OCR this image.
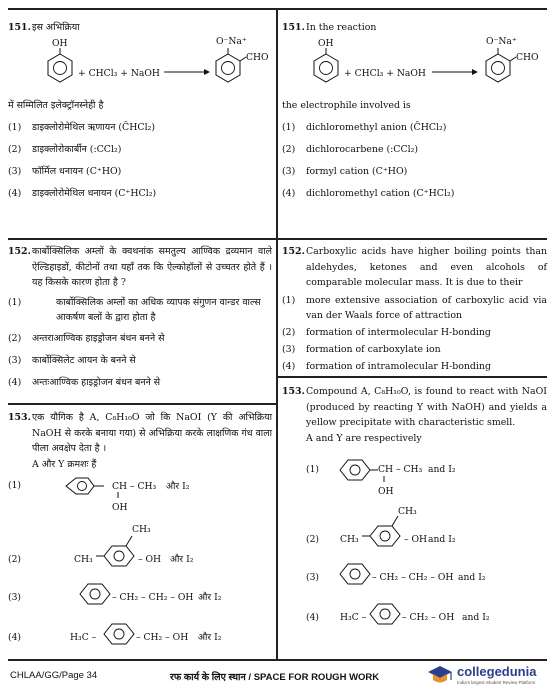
151. इस अभिक्रिया
OH
+ CHCl₃ + NaOH
O⁻Na⁺
CHO
में सम्मिलित इलेक्ट्रॉनस्नेही है
(1) डाइक्लोरोमेथिल ऋणायन (C̄HCl₂)
(2) डाइक्लोरोकार्बीन (:CCl₂)
(3) फॉर्मिल धनायन (C⁺HO)
(4) डाइक्लोरोमेथिल धनायन (C⁺HCl₂)
152. कार्बोक्सिलिक अम्लों के क्वथनांक समतुल्य आण्विक द्रव्यमान वाले ऐल्डिहाइडों, कीटोनों तथा यहाँ तक कि ऐल्कोहॉलों से उच्चतर होते हैं । यह किसके कारण होता है ?
(1)	कार्बोक्सिलिक अम्लों का अधिक व्यापक संगुणन वान्डर वाल्स आकर्षण बलों के द्वारा होता है
(2) अन्तराआण्विक हाइड्रोजन बंधन बनने से
(3) कार्बोक्सिलेट आयन के बनने से
(4) अन्तःआण्विक हाइड्रोजन बंधन बनने से
153. एक यौगिक है A, C₈H₁₀O जो कि NaOI (Y की अभिक्रिया NaOH से करके बनाया गया) से अभिक्रिया करके लाक्षणिक गंध वाला पीला अवक्षेप देता है ।
A और Y क्रमशः हैं
(1)	CH – CH₃ और I₂
OH
(2)
CH₃
CH₃	– OH और I₂
(3)	– CH₂ – CH₂ – OH और I₂
(4)	H₃C –	– CH₂ – OH और I₂
151. In the reaction
OH
+ CHCl₃ + NaOH
O⁻Na⁺
CHO
the electrophile involved is
(1) dichloromethyl anion (C̄HCl₂)
(2) dichlorocarbene (:CCl₂)
(3) formyl cation (C⁺HO)
(4) dichloromethyl cation (C⁺HCl₂)
152. Carboxylic acids have higher boiling points than aldehydes, ketones and even alcohols of comparable molecular mass. It is due to their
(1) more extensive association of carboxylic acid via van der Waals force of attraction
(2) formation of intermolecular H-bonding
(3) formation of carboxylate ion
(4) formation of intramolecular H-bonding
153. Compound A, C₈H₁₀O, is found to react with NaOI (produced by reacting Y with NaOH) and yields a yellow precipitate with characteristic smell.
A and Y are respectively
(1)	CH – CH₃ and I₂
OH
(2)
CH₃
CH₃	– OH and I₂
(3)	– CH₂ – CH₂ – OH and I₂
(4) H₃C –	– CH₂ – OH and I₂
CHLAA/GG/Page 34	रफ कार्य के लिए स्थान / SPACE FOR ROUGH WORK	collegedunia
India's largest Student Review Platform
